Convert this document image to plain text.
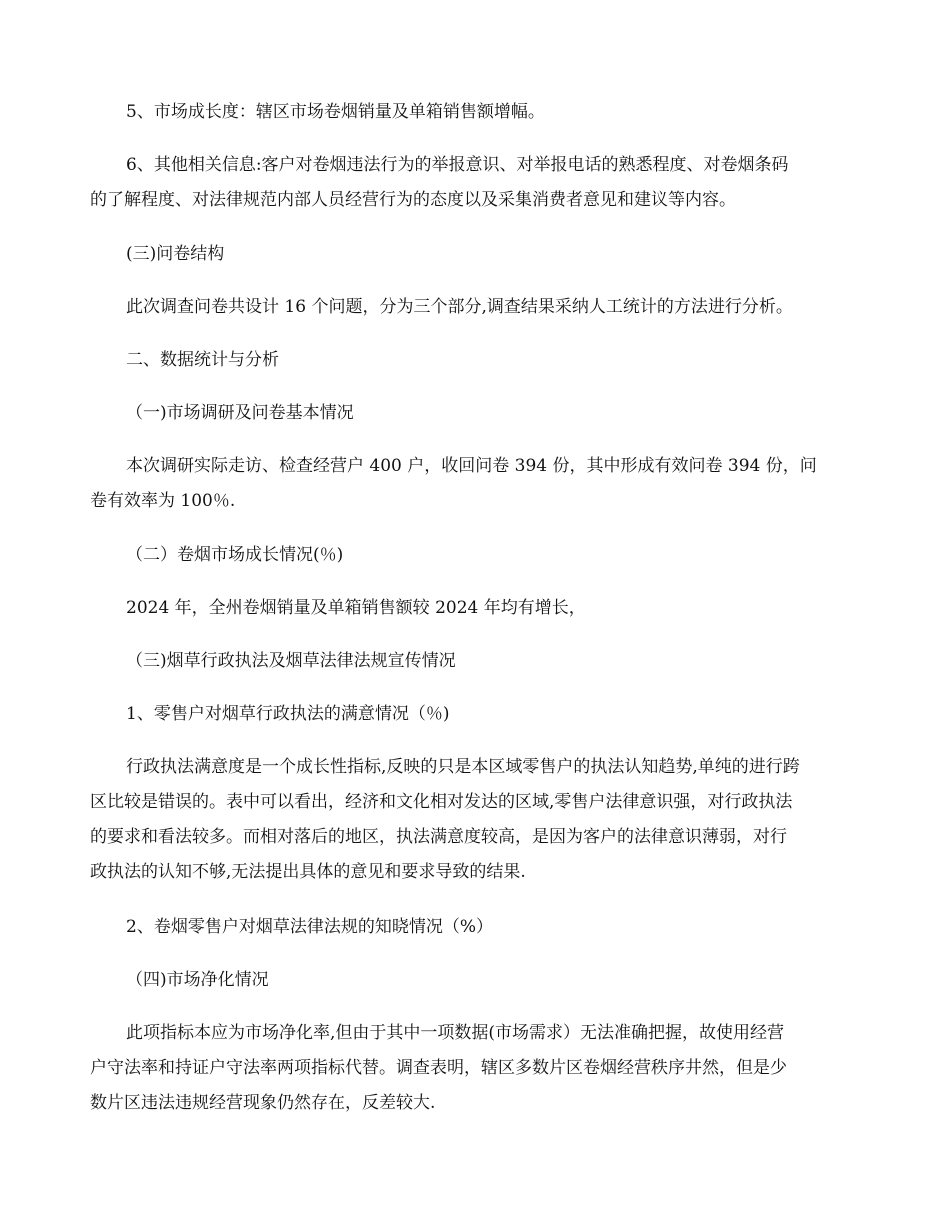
5、市场成长度：辖区市场卷烟销量及单箱销售额增幅。
6、其他相关信息:客户对卷烟违法行为的举报意识、对举报电话的熟悉程度、对卷烟条码
的了解程度、对法律规范内部人员经营行为的态度以及采集消费者意见和建议等内容。
(三)问卷结构
此次调查问卷共设计 16 个问题，分为三个部分,调查结果采纳人工统计的方法进行分析。
二、数据统计与分析
（一)市场调研及问卷基本情况
本次调研实际走访、检查经营户 400 户，收回问卷 394 份，其中形成有效问卷 394 份，问
卷有效率为 100％.
（二）卷烟市场成长情况(％)
2024 年，全州卷烟销量及单箱销售额较 2024 年均有增长，
（三)烟草行政执法及烟草法律法规宣传情况
1、零售户对烟草行政执法的满意情况（％)
行政执法满意度是一个成长性指标,反映的只是本区域零售户的执法认知趋势,单纯的进行跨
区比较是错误的。表中可以看出，经济和文化相对发达的区域,零售户法律意识强，对行政执法
的要求和看法较多。而相对落后的地区，执法满意度较高，是因为客户的法律意识薄弱，对行
政执法的认知不够,无法提出具体的意见和要求导致的结果.
2、卷烟零售户对烟草法律法规的知晓情况（%）
（四)市场净化情况
此项指标本应为市场净化率,但由于其中一项数据(市场需求）无法准确把握，故使用经营
户守法率和持证户守法率两项指标代替。调查表明，辖区多数片区卷烟经营秩序井然，但是少
数片区违法违规经营现象仍然存在，反差较大.
